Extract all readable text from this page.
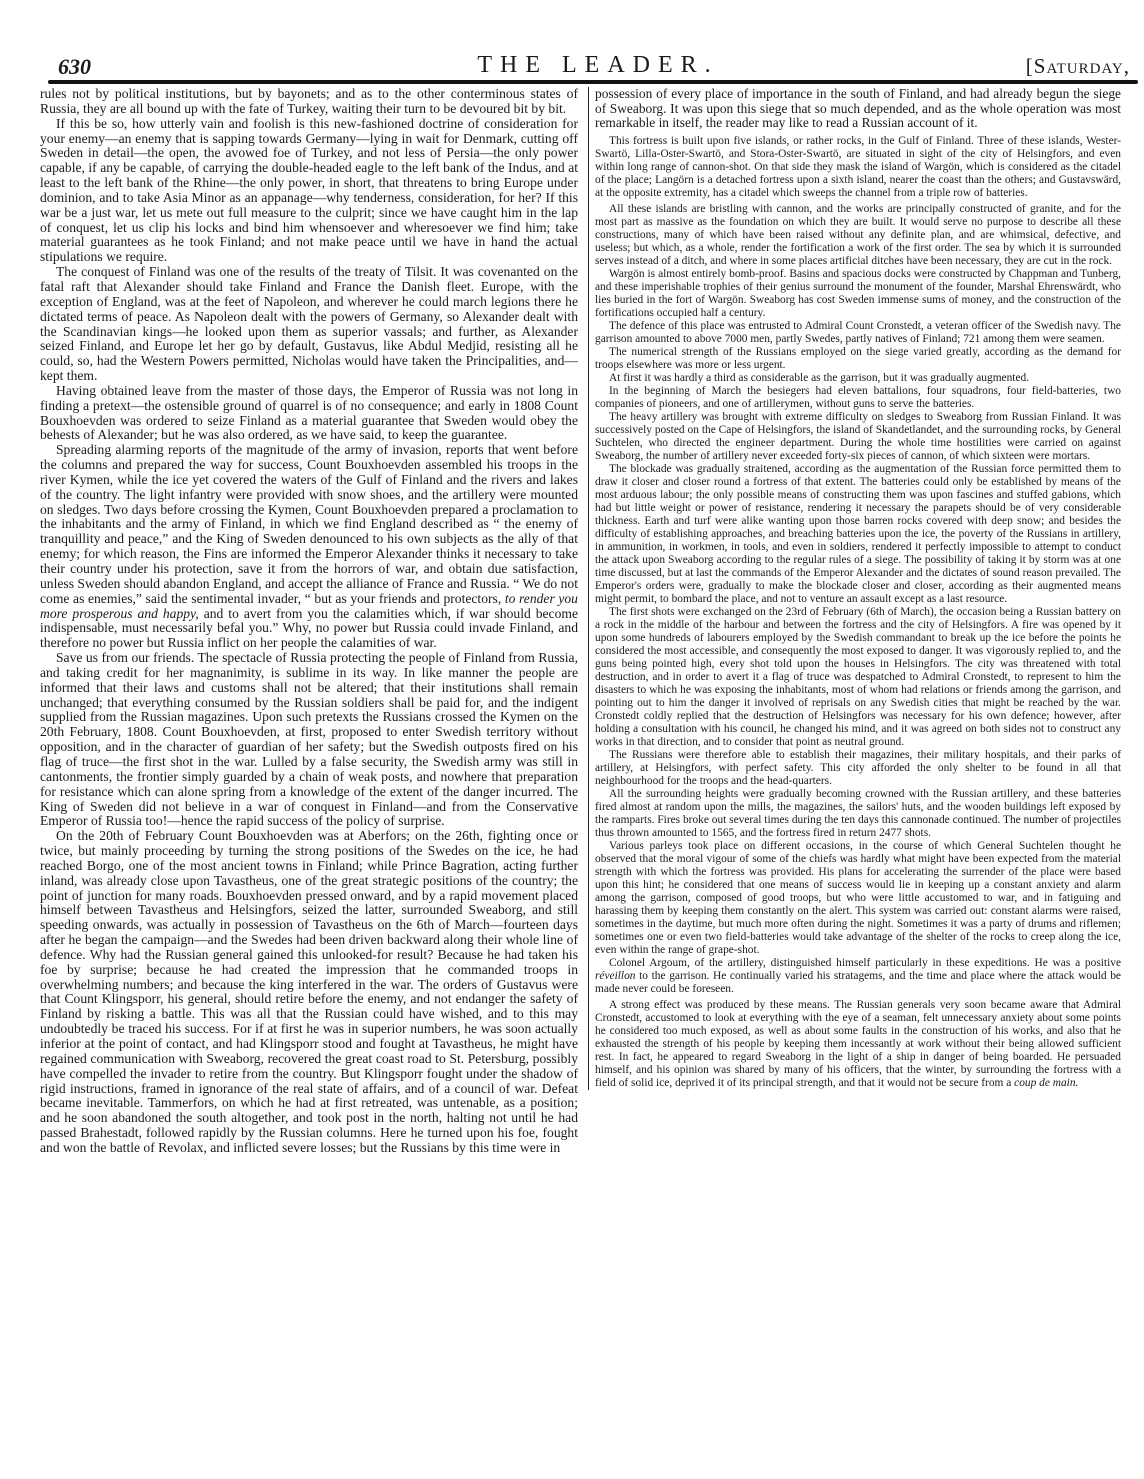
630	THE LEADER.	[Saturday,

rules not by political institutions, but by bayonets; and as to the other conterminous states of Russia, they are all bound up with the fate of Turkey, waiting their turn to be devoured bit by bit.

If this be so, how utterly vain and foolish is this new-fashioned doctrine of consideration for your enemy—an enemy that is sapping towards Germany—lying in wait for Denmark, cutting off Sweden in detail—the open, the avowed foe of Turkey, and not less of Persia—the only power capable, if any be capable, of carrying the double-headed eagle to the left bank of the Indus, and at least to the left bank of the Rhine—the only power, in short, that threatens to bring Europe under dominion, and to take Asia Minor as an appanage—why tenderness, consideration, for her? If this war be a just war, let us mete out full measure to the culprit; since we have caught him in the lap of conquest, let us clip his locks and bind him whensoever and wheresoever we find him; take material guarantees as he took Finland; and not make peace until we have in hand the actual stipulations we require.

The conquest of Finland was one of the results of the treaty of Tilsit. It was covenanted on the fatal raft that Alexander should take Finland and France the Danish fleet. Europe, with the exception of England, was at the feet of Napoleon, and wherever he could march legions there he dictated terms of peace. As Napoleon dealt with the powers of Germany, so Alexander dealt with the Scandinavian kings—he looked upon them as superior vassals; and further, as Alexander seized Finland, and Europe let her go by default, Gustavus, like Abdul Medjid, resisting all he could, so, had the Western Powers permitted, Nicholas would have taken the Principalities, and—kept them.

Having obtained leave from the master of those days, the Emperor of Russia was not long in finding a pretext—the ostensible ground of quarrel is of no consequence; and early in 1808 Count Bouxhoevden was ordered to seize Finland as a material guarantee that Sweden would obey the behests of Alexander; but he was also ordered, as we have said, to keep the guarantee.

Spreading alarming reports of the magnitude of the army of invasion, reports that went before the columns and prepared the way for success, Count Bouxhoevden assembled his troops in the river Kymen, while the ice yet covered the waters of the Gulf of Finland and the rivers and lakes of the country. The light infantry were provided with snow shoes, and the artillery were mounted on sledges. Two days before crossing the Kymen, Count Bouxhoevden prepared a proclamation to the inhabitants and the army of Finland, in which we find England described as “ the enemy of tranquillity and peace,” and the King of Sweden denounced to his own subjects as the ally of that enemy; for which reason, the Fins are informed the Emperor Alexander thinks it necessary to take their country under his protection, save it from the horrors of war, and obtain due satisfaction, unless Sweden should abandon England, and accept the alliance of France and Russia. “ We do not come as enemies,” said the sentimental invader, “ but as your friends and protectors, to render you more prosperous and happy, and to avert from you the calamities which, if war should become indispensable, must necessarily befal you.” Why, no power but Russia could invade Finland, and therefore no power but Russia inflict on her people the calamities of war.

Save us from our friends. The spectacle of Russia protecting the people of Finland from Russia, and taking credit for her magnanimity, is sublime in its way. In like manner the people are informed that their laws and customs shall not be altered; that their institutions shall remain unchanged; that everything consumed by the Russian soldiers shall be paid for, and the indigent supplied from the Russian magazines. Upon such pretexts the Russians crossed the Kymen on the 20th February, 1808. Count Bouxhoevden, at first, proposed to enter Swedish territory without opposition, and in the character of guardian of her safety; but the Swedish outposts fired on his flag of truce—the first shot in the war. Lulled by a false security, the Swedish army was still in cantonments, the frontier simply guarded by a chain of weak posts, and nowhere that preparation for resistance which can alone spring from a knowledge of the extent of the danger incurred. The King of Sweden did not believe in a war of conquest in Finland—and from the Conservative Emperor of Russia too!—hence the rapid success of the policy of surprise.

On the 20th of February Count Bouxhoevden was at Aberfors; on the 26th, fighting once or twice, but mainly proceeding by turning the strong positions of the Swedes on the ice, he had reached Borgo, one of the most ancient towns in Finland; while Prince Bagration, acting further inland, was already close upon Tavastheus, one of the great strategic positions of the country; the point of junction for many roads. Bouxhoevden pressed onward, and by a rapid movement placed himself between Tavastheus and Helsingfors, seized the latter, surrounded Sweaborg, and still speeding onwards, was actually in possession of Tavastheus on the 6th of March—fourteen days after he began the campaign—and the Swedes had been driven backward along their whole line of defence. Why had the Russian general gained this unlooked-for result? Because he had taken his foe by surprise; because he had created the impression that he commanded troops in overwhelming numbers; and because the king interfered in the war. The orders of Gustavus were that Count Klingsporr, his general, should retire before the enemy, and not endanger the safety of Finland by risking a battle. This was all that the Russian could have wished, and to this may undoubtedly be traced his success. For if at first he was in superior numbers, he was soon actually inferior at the point of contact, and had Klingsporr stood and fought at Tavastheus, he might have regained communication with Sweaborg, recovered the great coast road to St. Petersburg, possibly have compelled the invader to retire from the country. But Klingsporr fought under the shadow of rigid instructions, framed in ignorance of the real state of affairs, and of a council of war. Defeat became inevitable. Tammerfors, on which he had at first retreated, was untenable, as a position; and he soon abandoned the south altogether, and took post in the north, halting not until he had passed Brahestadt, followed rapidly by the Russian columns. Here he turned upon his foe, fought and won the battle of Revolax, and inflicted severe losses; but the Russians by this time were in

possession of every place of importance in the south of Finland, and had already begun the siege of Sweaborg. It was upon this siege that so much depended, and as the whole operation was most remarkable in itself, the reader may like to read a Russian account of it.

This fortress is built upon five islands, or rather rocks, in the Gulf of Finland. Three of these islands, Wester-Swartö, Lilla-Oster-Swartö, and Stora-Oster-Swartö, are situated in sight of the city of Helsingfors, and even within long range of cannon-shot. On that side they mask the island of Wargön, which is considered as the citadel of the place; Langörn is a detached fortress upon a sixth island, nearer the coast than the others; and Gustavswärd, at the opposite extremity, has a citadel which sweeps the channel from a triple row of batteries.

All these islands are bristling with cannon, and the works are principally constructed of granite, and for the most part as massive as the foundation on which they are built. It would serve no purpose to describe all these constructions, many of which have been raised without any definite plan, and are whimsical, defective, and useless; but which, as a whole, render the fortification a work of the first order. The sea by which it is surrounded serves instead of a ditch, and where in some places artificial ditches have been necessary, they are cut in the rock.

Wargön is almost entirely bomb-proof. Basins and spacious docks were constructed by Chappman and Tunberg, and these imperishable trophies of their genius surround the monument of the founder, Marshal Ehrenswärdt, who lies buried in the fort of Wargön. Sweaborg has cost Sweden immense sums of money, and the construction of the fortifications occupied half a century.

The defence of this place was entrusted to Admiral Count Cronstedt, a veteran officer of the Swedish navy. The garrison amounted to above 7000 men, partly Swedes, partly natives of Finland; 721 among them were seamen.

The numerical strength of the Russians employed on the siege varied greatly, according as the demand for troops elsewhere was more or less urgent.

At first it was hardly a third as considerable as the garrison, but it was gradually augmented.

In the beginning of March the besiegers had eleven battalions, four squadrons, four field-batteries, two companies of pioneers, and one of artillerymen, without guns to serve the batteries.

The heavy artillery was brought with extreme difficulty on sledges to Sweaborg from Russian Finland. It was successively posted on the Cape of Helsingfors, the island of Skandetlandet, and the surrounding rocks, by General Suchtelen, who directed the engineer department. During the whole time hostilities were carried on against Sweaborg, the number of artillery never exceeded forty-six pieces of cannon, of which sixteen were mortars.

The blockade was gradually straitened, according as the augmentation of the Russian force permitted them to draw it closer and closer round a fortress of that extent. The batteries could only be established by means of the most arduous labour; the only possible means of constructing them was upon fascines and stuffed gabions, which had but little weight or power of resistance, rendering it necessary the parapets should be of very considerable thickness. Earth and turf were alike wanting upon those barren rocks covered with deep snow; and besides the difficulty of establishing approaches, and breaching batteries upon the ice, the poverty of the Russians in artillery, in ammunition, in workmen, in tools, and even in soldiers, rendered it perfectly impossible to attempt to conduct the attack upon Sweaborg according to the regular rules of a siege. The possibility of taking it by storm was at one time discussed, but at last the commands of the Emperor Alexander and the dictates of sound reason prevailed. The Emperor's orders were, gradually to make the blockade closer and closer, according as their augmented means might permit, to bombard the place, and not to venture an assault except as a last resource.

The first shots were exchanged on the 23rd of February (6th of March), the occasion being a Russian battery on a rock in the middle of the harbour and between the fortress and the city of Helsingfors. A fire was opened by it upon some hundreds of labourers employed by the Swedish commandant to break up the ice before the points he considered the most accessible, and consequently the most exposed to danger. It was vigorously replied to, and the guns being pointed high, every shot told upon the houses in Helsingfors. The city was threatened with total destruction, and in order to avert it a flag of truce was despatched to Admiral Cronstedt, to represent to him the disasters to which he was exposing the inhabitants, most of whom had relations or friends among the garrison, and pointing out to him the danger it involved of reprisals on any Swedish cities that might be reached by the war. Cronstedt coldly replied that the destruction of Helsingfors was necessary for his own defence; however, after holding a consultation with his council, he changed his mind, and it was agreed on both sides not to construct any works in that direction, and to consider that point as neutral ground.

The Russians were therefore able to establish their magazines, their military hospitals, and their parks of artillery, at Helsingfors, with perfect safety. This city afforded the only shelter to be found in all that neighbourhood for the troops and the head-quarters.

All the surrounding heights were gradually becoming crowned with the Russian artillery, and these batteries fired almost at random upon the mills, the magazines, the sailors' huts, and the wooden buildings left exposed by the ramparts. Fires broke out several times during the ten days this cannonade continued. The number of projectiles thus thrown amounted to 1565, and the fortress fired in return 2477 shots.

Various parleys took place on different occasions, in the course of which General Suchtelen thought he observed that the moral vigour of some of the chiefs was hardly what might have been expected from the material strength with which the fortress was provided. His plans for accelerating the surrender of the place were based upon this hint; he considered that one means of success would lie in keeping up a constant anxiety and alarm among the garrison, composed of good troops, but who were little accustomed to war, and in fatiguing and harassing them by keeping them constantly on the alert. This system was carried out: constant alarms were raised, sometimes in the daytime, but much more often during the night. Sometimes it was a party of drums and riflemen; sometimes one or even two field-batteries would take advantage of the shelter of the rocks to creep along the ice, even within the range of grape-shot.

Colonel Argoum, of the artillery, distinguished himself particularly in these expeditions. He was a positive réveillon to the garrison. He continually varied his stratagems, and the time and place where the attack would be made never could be foreseen.

A strong effect was produced by these means. The Russian generals very soon became aware that Admiral Cronstedt, accustomed to look at everything with the eye of a seaman, felt unnecessary anxiety about some points he considered too much exposed, as well as about some faults in the construction of his works, and also that he exhausted the strength of his people by keeping them incessantly at work without their being allowed sufficient rest. In fact, he appeared to regard Sweaborg in the light of a ship in danger of being boarded. He persuaded himself, and his opinion was shared by many of his officers, that the winter, by surrounding the fortress with a field of solid ice, deprived it of its principal strength, and that it would not be secure from a coup de main.
